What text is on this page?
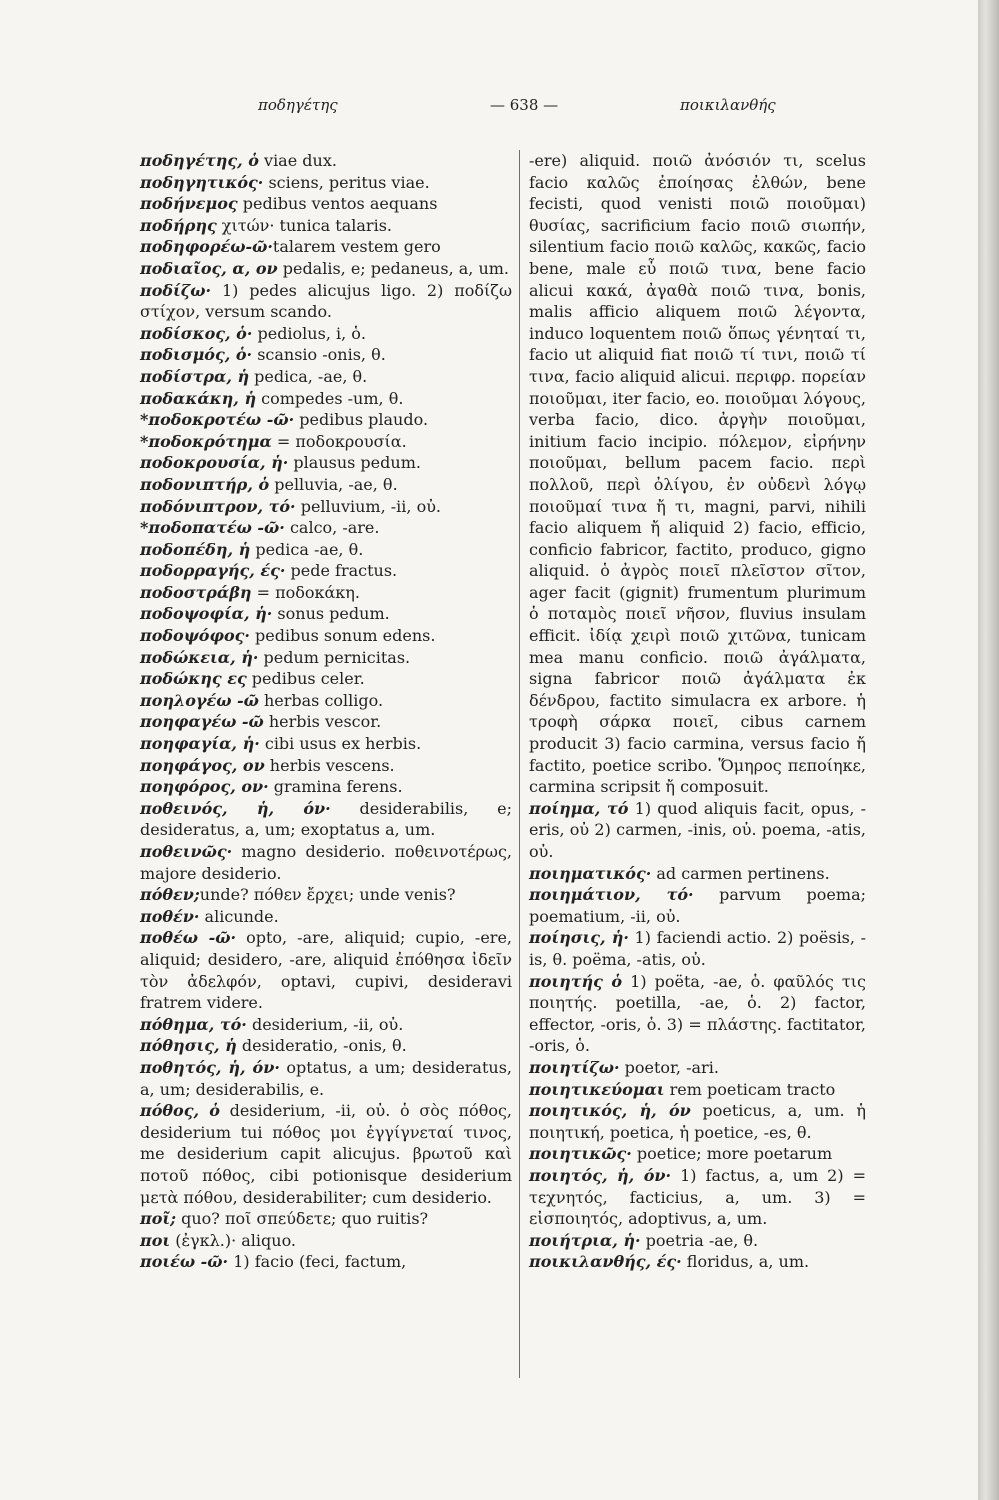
ποδηγέτης	— 638 —	ποικιλανθής

ποδηγέτης, ὁ viae dux.

ποδηγητικός· sciens, peritus viae.

ποδήνεμος pedibus ventos aequans

ποδήρης χιτών· tunica talaris.

ποδηφορέω-ῶ·talarem vestem gero

ποδιαῖος, α, ον pedalis, e; pedaneus, a, um.

ποδίζω· 1) pedes alicujus ligo. 2) ποδίζω στίχον, versum scando.

ποδίσκος, ὁ· pediolus, i, ὁ.

ποδισμός, ὁ· scansio -onis, θ.

ποδίστρα, ἡ pedica, -ae, θ.

ποδακάκη, ἡ compedes -um, θ.

*ποδοκροτέω -ῶ· pedibus plaudo.

*ποδοκρότημα = ποδοκρουσία.

ποδοκρουσία, ἡ· plausus pedum.

ποδονιπτήρ, ὁ pelluvia, -ae, θ.

ποδόνιπτρον, τό· pelluvium, -ii, οὐ.

*ποδοπατέω -ῶ· calco, -are.

ποδοπέδη, ἡ pedica -ae, θ.

ποδορραγής, ές· pede fractus.

ποδοστράβη = ποδοκάκη.

ποδοψοφία, ἡ· sonus pedum.

ποδοψόφος· pedibus sonum edens.

ποδώκεια, ἡ· pedum pernicitas.

ποδώκης ες pedibus celer.

ποηλογέω -ῶ herbas colligo.

ποηφαγέω -ῶ herbis vescor.

ποηφαγία, ἡ· cibi usus ex herbis.

ποηφάγος, ον herbis vescens.

ποηφόρος, ον· gramina ferens.

ποθεινός, ἡ, όν· desiderabilis, e; desideratus, a, um; exoptatus a, um.

ποθεινῶς· magno desiderio. ποθεινοτέρως, majore desiderio.

πόθεν;unde? πόθεν ἔρχει; unde venis?

ποθέν· alicunde.

ποθέω -ῶ· opto, -are, aliquid; cupio, -ere, aliquid; desidero, -are, aliquid ἐπόθησα ἰδεῖν τὸν ἀδελφόν, optavi, cupivi, desideravi fratrem videre.

πόθημα, τό· desiderium, -ii, οὐ.

πόθησις, ἡ desideratio, -onis, θ.

ποθητός, ἡ, όν· optatus, a um; desideratus, a, um; desiderabilis, e.

πόθος, ὁ desiderium, -ii, οὐ. ὁ σὸς πόθος, desiderium tui πόθος μοι ἐγγίγνεταί τινος, me desiderium capit alicujus. βρωτοῦ καὶ ποτοῦ πόθος, cibi potionisque desiderium μετὰ πόθου, desiderabiliter; cum desiderio.

ποῖ; quo? ποῖ σπεύδετε; quo ruitis?

ποι (ἐγκλ.)· aliquo.

ποιέω -ῶ· 1) facio (feci, factum,

-ere) aliquid. ποιῶ ἀνόσιόν τι, scelus facio καλῶς ἐποίησας ἐλθών, bene fecisti, quod venisti ποιῶ ποιοῦμαι) θυσίας, sacrificium facio ποιῶ σιωπήν, silentium facio ποιῶ καλῶς, κακῶς, facio bene, male εὖ ποιῶ τινα, bene facio alicui κακά, ἀγαθὰ ποιῶ τινα, bonis, malis afficio aliquem ποιῶ λέγοντα, induco loquentem ποιῶ ὅπως γένηταί τι, facio ut aliquid fiat ποιῶ τί τινι, ποιῶ τί τινα, facio aliquid alicui. περιφρ. πορείαν ποιοῦμαι, iter facio, eo. ποιοῦμαι λόγους, verba facio, dico. ἀργὴν ποιοῦμαι, initium facio incipio. πόλεμον, εἰρήνην ποιοῦμαι, bellum pacem facio. περὶ πολλοῦ, περὶ ὀλίγου, ἐν οὐδενὶ λόγῳ ποιοῦμαί τινα ἤ τι, magni, parvi, nihili facio aliquem ἤ aliquid 2) facio, efficio, conficio fabricor, factito, produco, gigno aliquid. ὁ ἀγρὸς ποιεῖ πλεῖστον σῖτον, ager facit (gignit) frumentum plurimum ὁ ποταμὸς ποιεῖ νῆσον, fluvius insulam efficit. ἰδίᾳ χειρὶ ποιῶ χιτῶνα, tunicam mea manu conficio. ποιῶ ἀγάλματα, signa fabricor ποιῶ ἀγάλματα ἐκ δένδρου, factito simulacra ex arbore. ἡ τροφὴ σάρκα ποιεῖ, cibus carnem producit 3) facio carmina, versus facio ἤ factito, poetice scribo. Ὅμηρος πεποίηκε, carmina scripsit ἤ composuit.

ποίημα, τό 1) quod aliquis facit, opus, -eris, οὐ 2) carmen, -inis, οὐ. poema, -atis, οὐ.

ποιηματικός· ad carmen pertinens.

ποιημάτιον, τό· parvum poema; poematium, -ii, οὐ.

ποίησις, ἡ· 1) faciendi actio. 2) poësis, -is, θ. poëma, -atis, οὐ.

ποιητής ὁ 1) poëta, -ae, ὁ. φαῦλός τις ποιητής. poetilla, -ae, ὁ. 2) factor, effector, -oris, ὁ. 3) = πλάστης. factitator, -oris, ὁ.

ποιητίζω· poetor, -ari.

ποιητικεύομαι rem poeticam tracto

ποιητικός, ἡ, όν poeticus, a, um. ἡ ποιητική, poetica, ἡ poetice, -es, θ.

ποιητικῶς· poetice; more poetarum

ποιητός, ἡ, όν· 1) factus, a, um 2) = τεχνητός, facticius, a, um. 3) = εἰσποιητός, adoptivus, a, um.

ποιήτρια, ἡ· poetria -ae, θ.

ποικιλανθής, ές· floridus, a, um.
